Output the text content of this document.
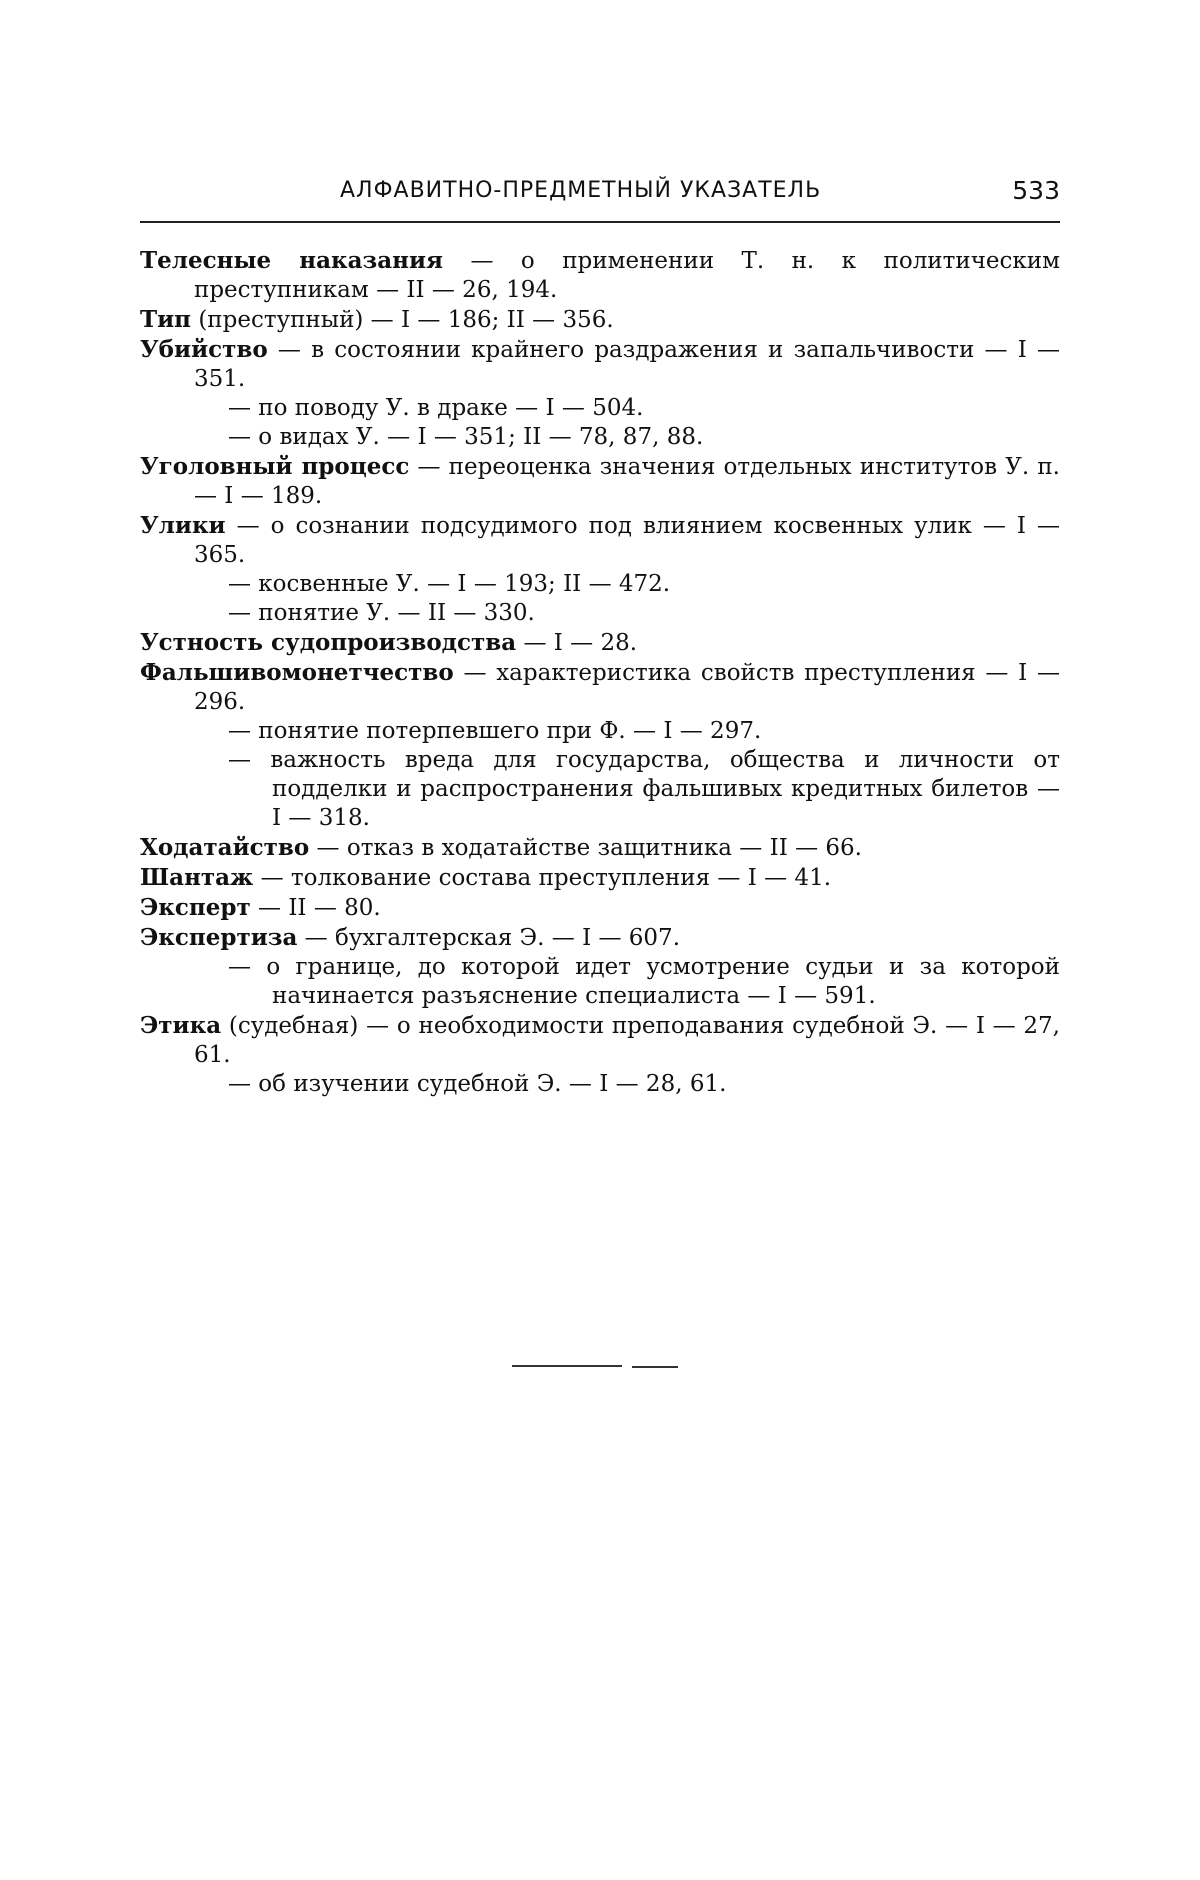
АЛФАВИТНО-ПРЕДМЕТНЫЙ УКАЗАТЕЛЬ	533
Телесные наказания — о применении Т. н. к политическим преступникам — II — 26, 194.
Тип (преступный) — I — 186; II — 356.
Убийство — в состоянии крайнего раздражения и запальчивости — I — 351.
— по поводу У. в драке — I — 504.
— о видах У. — I — 351; II — 78, 87, 88.
Уголовный процесс — переоценка значения отдельных институтов У. п. — I — 189.
Улики — о сознании подсудимого под влиянием косвенных улик — I — 365.
— косвенные У. — I — 193; II — 472.
— понятие У. — II — 330.
Устность судопроизводства — I — 28.
Фальшивомонетчество — характеристика свойств преступления — I — 296.
— понятие потерпевшего при Ф. — I — 297.
— важность вреда для государства, общества и личности от подделки и распространения фальшивых кредитных билетов — I — 318.
Ходатайство — отказ в ходатайстве защитника — II — 66.
Шантаж — толкование состава преступления — I — 41.
Эксперт — II — 80.
Экспертиза — бухгалтерская Э. — I — 607.
— о границе, до которой идет усмотрение судьи и за которой начинается разъяснение специалиста — I — 591.
Этика (судебная) — о необходимости преподавания судебной Э. — I — 27, 61.
— об изучении судебной Э. — I — 28, 61.
